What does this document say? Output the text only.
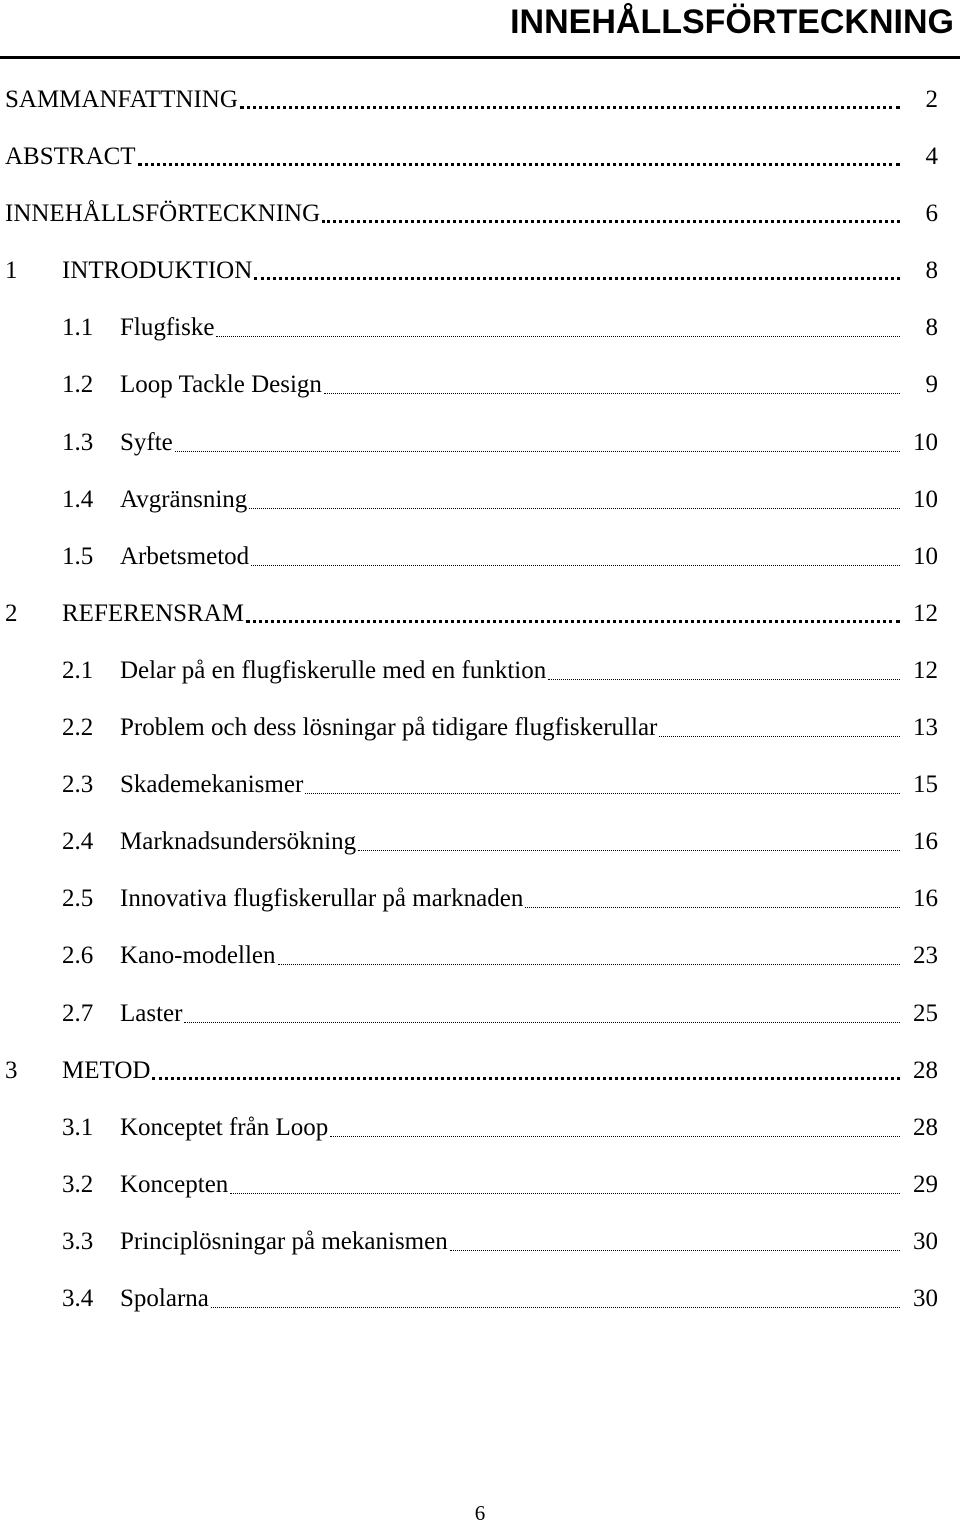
INNEHÅLLSFÖRTECKNING
SAMMANFATTNING	2
ABSTRACT	4
INNEHÅLLSFÖRTECKNING	6
1 INTRODUKTION	8
1.1 Flugfiske	8
1.2 Loop Tackle Design	9
1.3 Syfte	10
1.4 Avgränsning	10
1.5 Arbetsmetod	10
2 REFERENSRAM	12
2.1 Delar på en flugfiskerulle med en funktion	12
2.2 Problem och dess lösningar på tidigare flugfiskerullar	13
2.3 Skademekanismer	15
2.4 Marknadsundersökning	16
2.5 Innovativa flugfiskerullar på marknaden	16
2.6 Kano-modellen	23
2.7 Laster	25
3 METOD	28
3.1 Konceptet från Loop	28
3.2 Koncepten	29
3.3 Principlösningar på mekanismen	30
3.4 Spolarna	30
6
